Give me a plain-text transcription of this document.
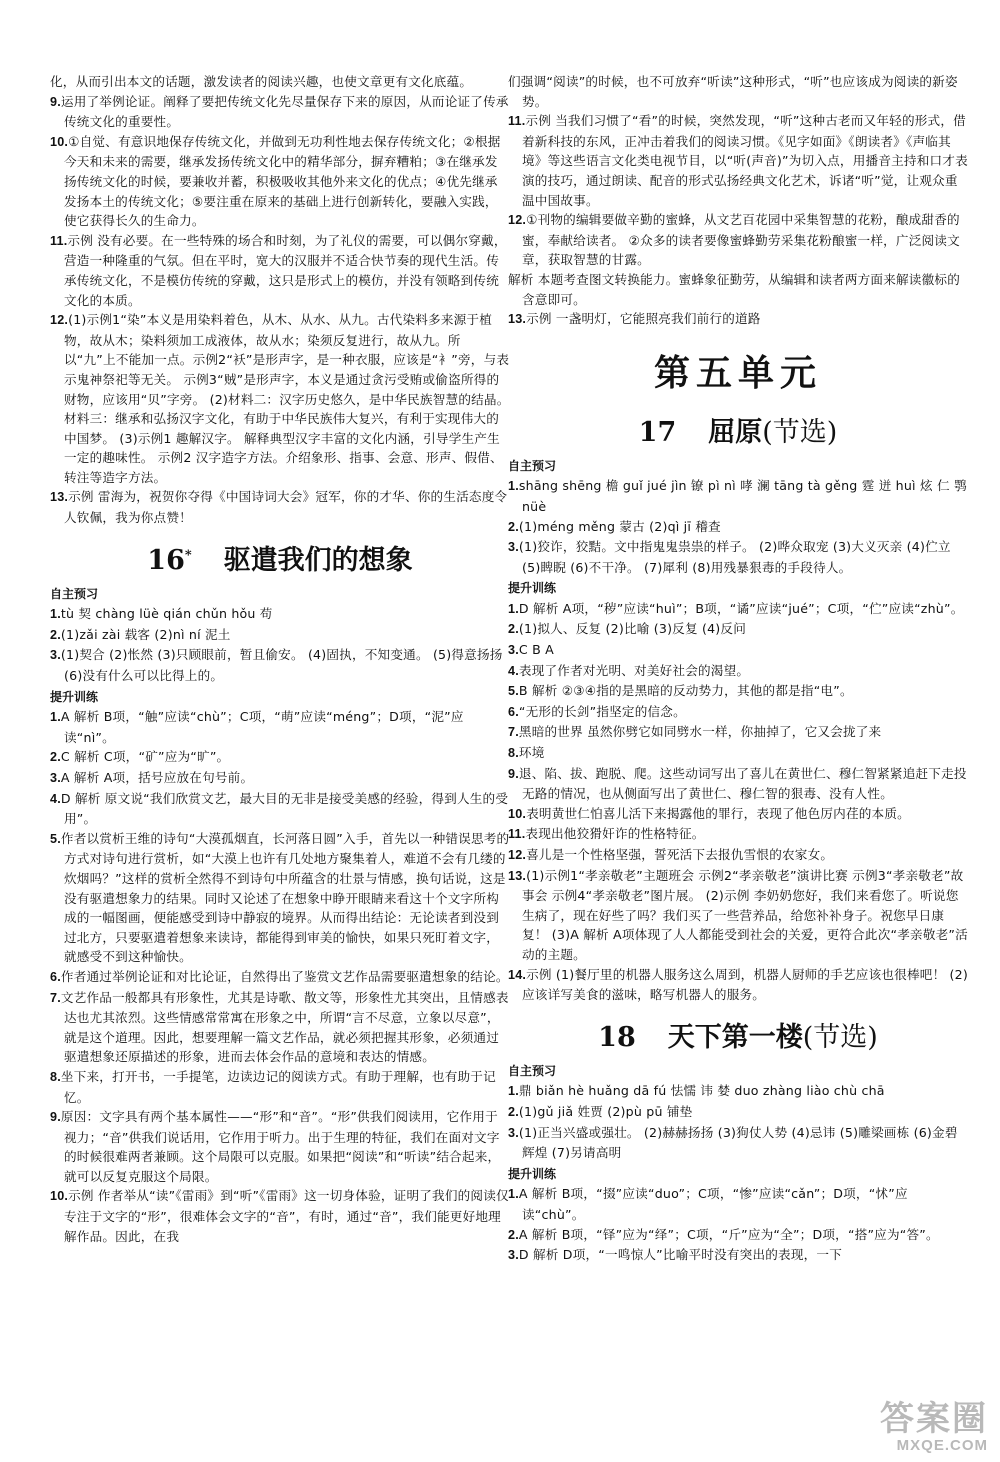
化，从而引出本文的话题，激发读者的阅读兴趣，也使文章更有文化底蕴。
9.运用了举例论证。阐释了要把传统文化先尽量保存下来的原因，从而论证了传承传统文化的重要性。
10.①自觉、有意识地保存传统文化，并做到无功利性地去保存传统文化；②根据今天和未来的需要，继承发扬传统文化中的精华部分，摒弃糟粕；③在继承发扬传统文化的时候，要兼收并蓄，积极吸收其他外来文化的优点；④优先继承发扬本土的传统文化；⑤要注重在原来的基础上进行创新转化，要融入实践，使它获得长久的生命力。
11.示例 没有必要。在一些特殊的场合和时刻，为了礼仪的需要，可以偶尔穿戴，营造一种隆重的气氛。但在平时，宽大的汉服并不适合快节奏的现代生活。传承传统文化，不是模仿传统的穿戴，这只是形式上的模仿，并没有领略到传统文化的本质。
12.(1)示例1“染”本义是用染料着色，从木、从水、从九。古代染料多来源于植物，故从木；染料须加工成液体，故从水；染须反复进行，故从九。所以“九”上不能加一点。示例2“袄”是形声字，是一种衣服，应该是“衤”旁，与表示鬼神祭祀等无关。 示例3“贼”是形声字，本义是通过贪污受贿或偷盗所得的财物，应该用“贝”字旁。 (2)材料二：汉字历史悠久，是中华民族智慧的结晶。材料三：继承和弘扬汉字文化，有助于中华民族伟大复兴，有利于实现伟大的中国梦。 (3)示例1 趣解汉字。 解释典型汉字丰富的文化内涵，引导学生产生一定的趣味性。 示例2 汉字造字方法。介绍象形、指事、会意、形声、假借、转注等造字方法。
13.示例 雷海为，祝贺你夺得《中国诗词大会》冠军，你的才华、你的生活态度令人钦佩，我为你点赞！
16* 驱遣我们的想象
自主预习
1.tù 契 chàng lüè qián chǔn hǒu 苟
2.(1)zǎi zài 载客 (2)nì ní 泥土
3.(1)契合 (2)怅然 (3)只顾眼前，暂且偷安。 (4)固执，不知变通。 (5)得意扬扬 (6)没有什么可以比得上的。
提升训练
1.A 解析 B项，“触”应读“chù”；C项，“萌”应读“méng”；D项，“泥”应读“nì”。
2.C 解析 C项，“矿”应为“旷”。
3.A 解析 A项，括号应放在句号前。
4.D 解析 原文说“我们欣赏文艺，最大目的无非是接受美感的经验，得到人生的受用”。
5.作者以赏析王维的诗句“大漠孤烟直，长河落日圆”入手，首先以一种错误思考的方式对诗句进行赏析，如“大漠上也许有几处地方聚集着人，难道不会有几缕的炊烟吗？”这样的赏析全然得不到诗句中所蕴含的壮景与情感，换句话说，这是没有驱遣想象力的结果。同时又论述了在想象中睁开眼睛来看这十个文字所构成的一幅图画，便能感受到诗中静寂的境界。从而得出结论：无论读者到没到过北方，只要驱遣着想象来读诗，都能得到审美的愉快，如果只死盯着文字，就感受不到这种愉快。
6.作者通过举例论证和对比论证，自然得出了鉴赏文艺作品需要驱遣想象的结论。
7.文艺作品一般都具有形象性，尤其是诗歌、散文等，形象性尤其突出，且情感表达也尤其浓烈。这些情感常常寓在形象之中，所谓“言不尽意，立象以尽意”，就是这个道理。因此，想要理解一篇文艺作品，就必须把握其形象，必须通过驱遣想象还原描述的形象，进而去体会作品的意境和表达的情感。
8.坐下来，打开书，一手提笔，边读边记的阅读方式。有助于理解，也有助于记忆。
9.原因：文字具有两个基本属性——“形”和“音”。“形”供我们阅读用，它作用于视力；“音”供我们说话用，它作用于听力。出于生理的特征，我们在面对文字的时候很难两者兼顾。这个局限可以克服。如果把“阅读”和“听读”结合起来，就可以反复克服这个局限。
10.示例 作者举从“读”《雷雨》到“听”《雷雨》这一切身体验，证明了我们的阅读仅专注于文字的“形”，很难体会文字的“音”，有时，通过“音”，我们能更好地理解作品。因此，在我
们强调“阅读”的时候，也不可放弃“听读”这种形式，“听”也应该成为阅读的新姿势。
11.示例 当我们习惯了“看”的时候，突然发现，“听”这种古老而又年轻的形式，借着新科技的东风，正冲击着我们的阅读习惯。《见字如面》《朗读者》《声临其境》等这些语言文化类电视节目，以“听(声音)”为切入点，用播音主持和口才表演的技巧，通过朗读、配音的形式弘扬经典文化艺术，诉诸“听”觉，让观众重温中国故事。
12.①刊物的编辑要做辛勤的蜜蜂，从文艺百花园中采集智慧的花粉，酿成甜香的蜜，奉献给读者。 ②众多的读者要像蜜蜂勤劳采集花粉酿蜜一样，广泛阅读文章，获取智慧的甘露。
解析 本题考查图文转换能力。蜜蜂象征勤劳，从编辑和读者两方面来解读徽标的含意即可。
13.示例 一盏明灯，它能照亮我们前行的道路
第五单元
17 屈原(节选)
自主预习
1.shāng shēng 檐 guǐ jué jìn 镣 pì nì 哮 澜 tāng tà gěng 霆 迸 huì 炫 仁 鹗 nüè
2.(1)méng měng 蒙古 (2)qì jī 稽查
3.(1)狡诈，狡黠。文中指鬼鬼祟祟的样子。 (2)哗众取宠 (3)大义灭亲 (4)伫立 (5)睥睨 (6)不干净。 (7)犀利 (8)用残暴狠毒的手段待人。
提升训练
1.D 解析 A项，“秽”应读“huì”；B项，“谲”应读“jué”；C项，“伫”应读“zhù”。
2.(1)拟人、反复 (2)比喻 (3)反复 (4)反问
3.C B A
4.表现了作者对光明、对美好社会的渴望。
5.B 解析 ②③④指的是黑暗的反动势力，其他的都是指“电”。
6.“无形的长剑”指坚定的信念。
7.黑暗的世界 虽然你劈它如同劈水一样，你抽掉了，它又会拢了来
8.环境
9.退、陷、拔、跑脱、爬。这些动词写出了喜儿在黄世仁、穆仁智紧紧追赶下走投无路的情况，也从侧面写出了黄世仁、穆仁智的狠毒、没有人性。
10.表明黄世仁怕喜儿活下来揭露他的罪行，表现了他色厉内荏的本质。
11.表现出他狡猾奸诈的性格特征。
12.喜儿是一个性格坚强，誓死活下去报仇雪恨的农家女。
13.(1)示例1“孝亲敬老”主题班会 示例2“孝亲敬老”演讲比赛 示例3“孝亲敬老”故事会 示例4“孝亲敬老”图片展。 (2)示例 李奶奶您好，我们来看您了。听说您生病了，现在好些了吗？我们买了一些营养品，给您补补身子。祝您早日康复！ (3)A 解析 A项体现了人人都能受到社会的关爱，更符合此次“孝亲敬老”活动的主题。
14.示例 (1)餐厅里的机器人服务这么周到，机器人厨师的手艺应该也很棒吧！ (2)应该详写美食的滋味，略写机器人的服务。
18 天下第一楼(节选)
自主预习
1.鼎 biǎn hè huǎng dā fú 怯懦 讳 婪 duo zhàng liào chù chā
2.(1)gǔ jiǎ 姓贾 (2)pù pū 铺垫
3.(1)正当兴盛或强壮。 (2)赫赫扬扬 (3)狗仗人势 (4)忌讳 (5)雕梁画栋 (6)金碧辉煌 (7)另请高明
提升训练
1.A 解析 B项，“掇”应读“duo”；C项，“惨”应读“cǎn”；D项，“怵”应读“chù”。
2.A 解析 B项，“铎”应为“绎”；C项，“斤”应为“全”；D项，“搭”应为“答”。
3.D 解析 D项，“一鸣惊人”比喻平时没有突出的表现，一下
答案圈
MXQE.COM
